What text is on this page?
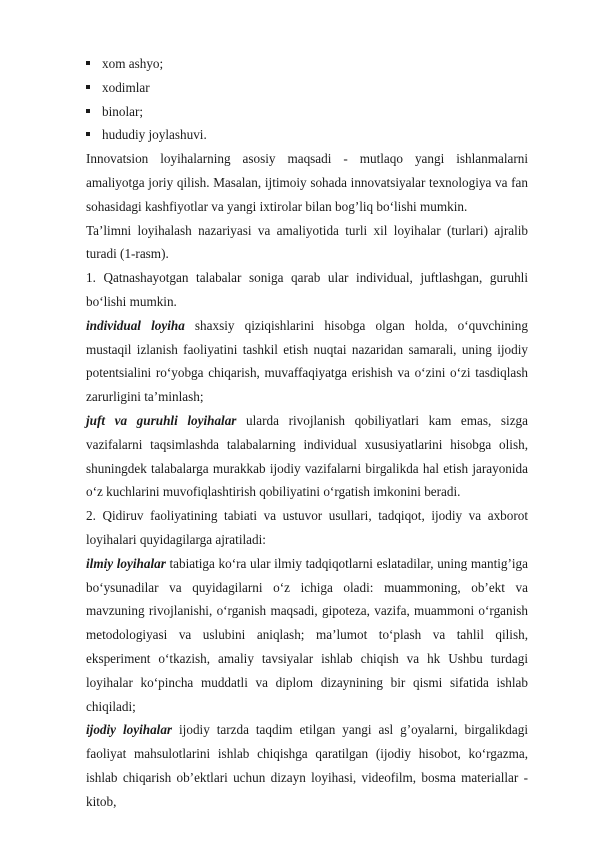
xom ashyo;
xodimlar
binolar;
hududiy joylashuvi.

Innovatsion loyihalarning asosiy maqsadi - mutlaqo yangi ishlanmalarni amaliyotga joriy qilish. Masalan, ijtimoiy sohada innovatsiyalar texnologiya va fan sohasidagi kashfiyotlar va yangi ixtirolar bilan bog’liq bo‘lishi mumkin.

Ta’limni loyihalash nazariyasi va amaliyotida turli xil loyihalar (turlari) ajralib turadi (1-rasm).

1. Qatnashayotgan talabalar soniga qarab ular individual, juftlashgan, guruhli bo‘lishi mumkin.

individual loyiha shaxsiy qiziqishlarini hisobga olgan holda, o‘quvchining mustaqil izlanish faoliyatini tashkil etish nuqtai nazaridan samarali, uning ijodiy potentsialini ro‘yobga chiqarish, muvaffaqiyatga erishish va o‘zini o‘zi tasdiqlash zarurligini ta’minlash;

juft va guruhli loyihalar ularda rivojlanish qobiliyatlari kam emas, sizga vazifalarni taqsimlashda talabalarning individual xususiyatlarini hisobga olish, shuningdek talabalarga murakkab ijodiy vazifalarni birgalikda hal etish jarayonida o‘z kuchlarini muvofiqlashtirish qobiliyatini o‘rgatish imkonini beradi.

2. Qidiruv faoliyatining tabiati va ustuvor usullari, tadqiqot, ijodiy va axborot loyihalari quyidagilarga ajratiladi:

ilmiy loyihalar tabiatiga ko‘ra ular ilmiy tadqiqotlarni eslatadilar, uning mantig’iga bo‘ysunadilar va quyidagilarni o‘z ichiga oladi: muammoning, ob’ekt va mavzuning rivojlanishi, o‘rganish maqsadi, gipoteza, vazifa, muammoni o‘rganish metodologiyasi va uslubini aniqlash; ma’lumot to‘plash va tahlil qilish, eksperiment o‘tkazish, amaliy tavsiyalar ishlab chiqish va hk Ushbu turdagi loyihalar ko‘pincha muddatli va diplom dizaynining bir qismi sifatida ishlab chiqiladi;

ijodiy loyihalar ijodiy tarzda taqdim etilgan yangi asl g’oyalarni, birgalikdagi faoliyat mahsulotlarini ishlab chiqishga qaratilgan (ijodiy hisobot, ko‘rgazma, ishlab chiqarish ob’ektlari uchun dizayn loyihasi, videofilm, bosma materiallar - kitob,
